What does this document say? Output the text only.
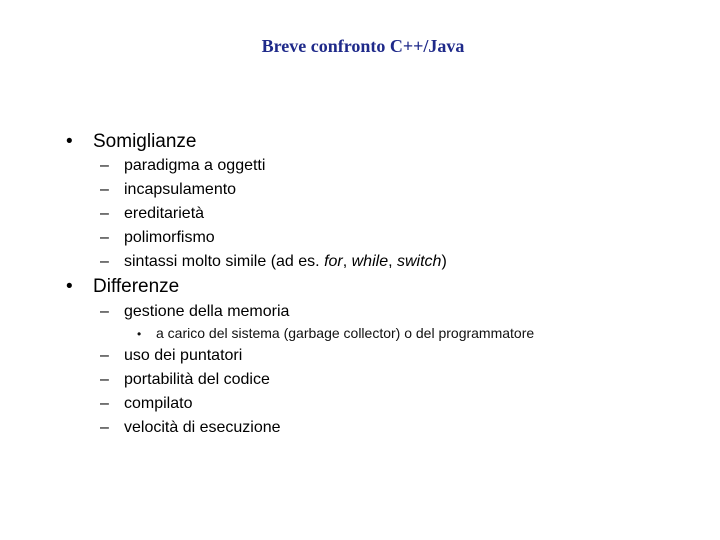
Breve confronto C++/Java
• Somiglianze
– paradigma a oggetti
– incapsulamento
– ereditarietà
– polimorfismo
– sintassi molto simile (ad es. for, while, switch)
• Differenze
– gestione della memoria
• a carico del sistema (garbage collector) o del programmatore
– uso dei puntatori
– portabilità del codice
– compilato
– velocità di esecuzione
